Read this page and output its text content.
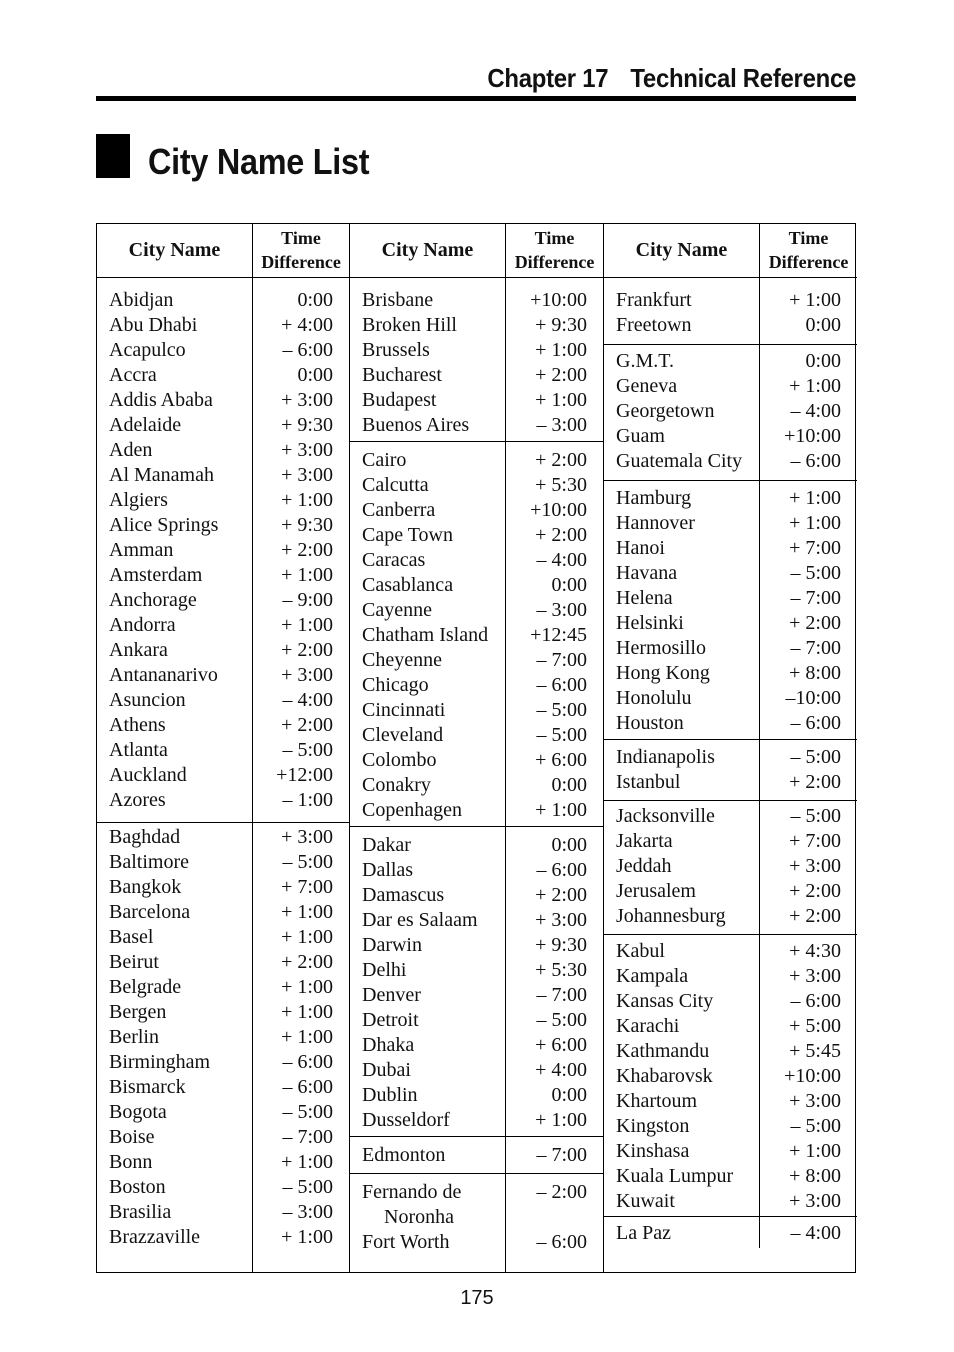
Chapter 17 Technical Reference
City Name List
City Name
Time
Difference
Abidjan
Abu Dhabi
Acapulco
Accra
Addis Ababa
Adelaide
Aden
Al Manamah
Algiers
Alice Springs
Amman
Amsterdam
Anchorage
Andorra
Ankara
Antananarivo
Asuncion
Athens
Atlanta
Auckland
Azores
0:00
+ 4:00
– 6:00
0:00
+ 3:00
+ 9:30
+ 3:00
+ 3:00
+ 1:00
+ 9:30
+ 2:00
+ 1:00
– 9:00
+ 1:00
+ 2:00
+ 3:00
– 4:00
+ 2:00
– 5:00
+12:00
– 1:00
Baghdad
Baltimore
Bangkok
Barcelona
Basel
Beirut
Belgrade
Bergen
Berlin
Birmingham
Bismarck
Bogota
Boise
Bonn
Boston
Brasilia
Brazzaville
+ 3:00
– 5:00
+ 7:00
+ 1:00
+ 1:00
+ 2:00
+ 1:00
+ 1:00
+ 1:00
– 6:00
– 6:00
– 5:00
– 7:00
+ 1:00
– 5:00
– 3:00
+ 1:00
City Name
Time
Difference
Brisbane
Broken Hill
Brussels
Bucharest
Budapest
Buenos Aires
+10:00
+ 9:30
+ 1:00
+ 2:00
+ 1:00
– 3:00
Cairo
Calcutta
Canberra
Cape Town
Caracas
Casablanca
Cayenne
Chatham Island
Cheyenne
Chicago
Cincinnati
Cleveland
Colombo
Conakry
Copenhagen
+ 2:00
+ 5:30
+10:00
+ 2:00
– 4:00
0:00
– 3:00
+12:45
– 7:00
– 6:00
– 5:00
– 5:00
+ 6:00
0:00
+ 1:00
Dakar
Dallas
Damascus
Dar es Salaam
Darwin
Delhi
Denver
Detroit
Dhaka
Dubai
Dublin
Dusseldorf
0:00
– 6:00
+ 2:00
+ 3:00
+ 9:30
+ 5:30
– 7:00
– 5:00
+ 6:00
+ 4:00
0:00
+ 1:00
Edmonton	– 7:00
Fernando de
Noronha
Fort Worth
– 2:00
– 6:00
City Name
Time
Difference
Frankfurt
Freetown
+ 1:00
0:00
G.M.T.
Geneva
Georgetown
Guam
Guatemala City
0:00
+ 1:00
– 4:00
+10:00
– 6:00
Hamburg
Hannover
Hanoi
Havana
Helena
Helsinki
Hermosillo
Hong Kong
Honolulu
Houston
+ 1:00
+ 1:00
+ 7:00
– 5:00
– 7:00
+ 2:00
– 7:00
+ 8:00
–10:00
– 6:00
Indianapolis
Istanbul
– 5:00
+ 2:00
Jacksonville
Jakarta
Jeddah
Jerusalem
Johannesburg
– 5:00
+ 7:00
+ 3:00
+ 2:00
+ 2:00
Kabul
Kampala
Kansas City
Karachi
Kathmandu
Khabarovsk
Khartoum
Kingston
Kinshasa
Kuala Lumpur
Kuwait
+ 4:30
+ 3:00
– 6:00
+ 5:00
+ 5:45
+10:00
+ 3:00
– 5:00
+ 1:00
+ 8:00
+ 3:00
La Paz	– 4:00
175
